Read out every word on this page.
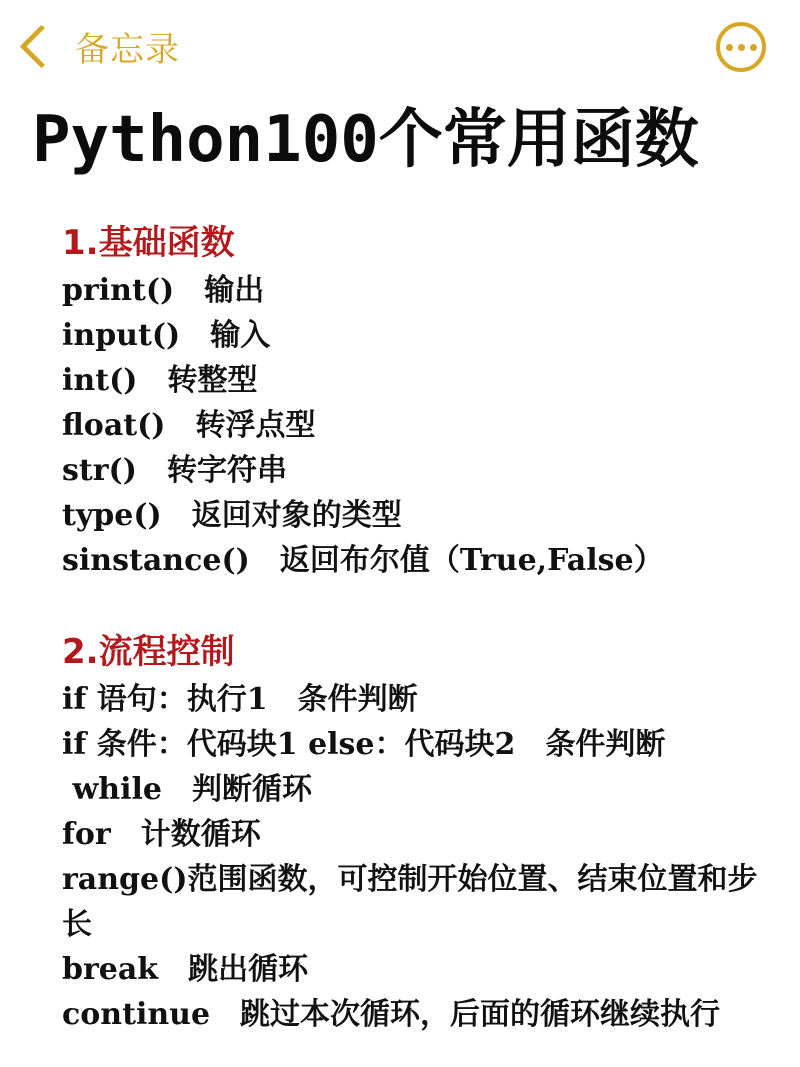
备忘录
Python100个常用函数
1.基础函数
print()　输出
input()　输入
int()　转整型
float()　转浮点型
str()　转字符串
type()　返回对象的类型
sinstance()　返回布尔值（True,False）
2.流程控制
if 语句：执行1　条件判断
if 条件：代码块1 else：代码块2　条件判断
while　判断循环
for　计数循环
range()范围函数，可控制开始位置、结束位置和步长
break　跳出循环
continue　跳过本次循环，后面的循环继续执行
